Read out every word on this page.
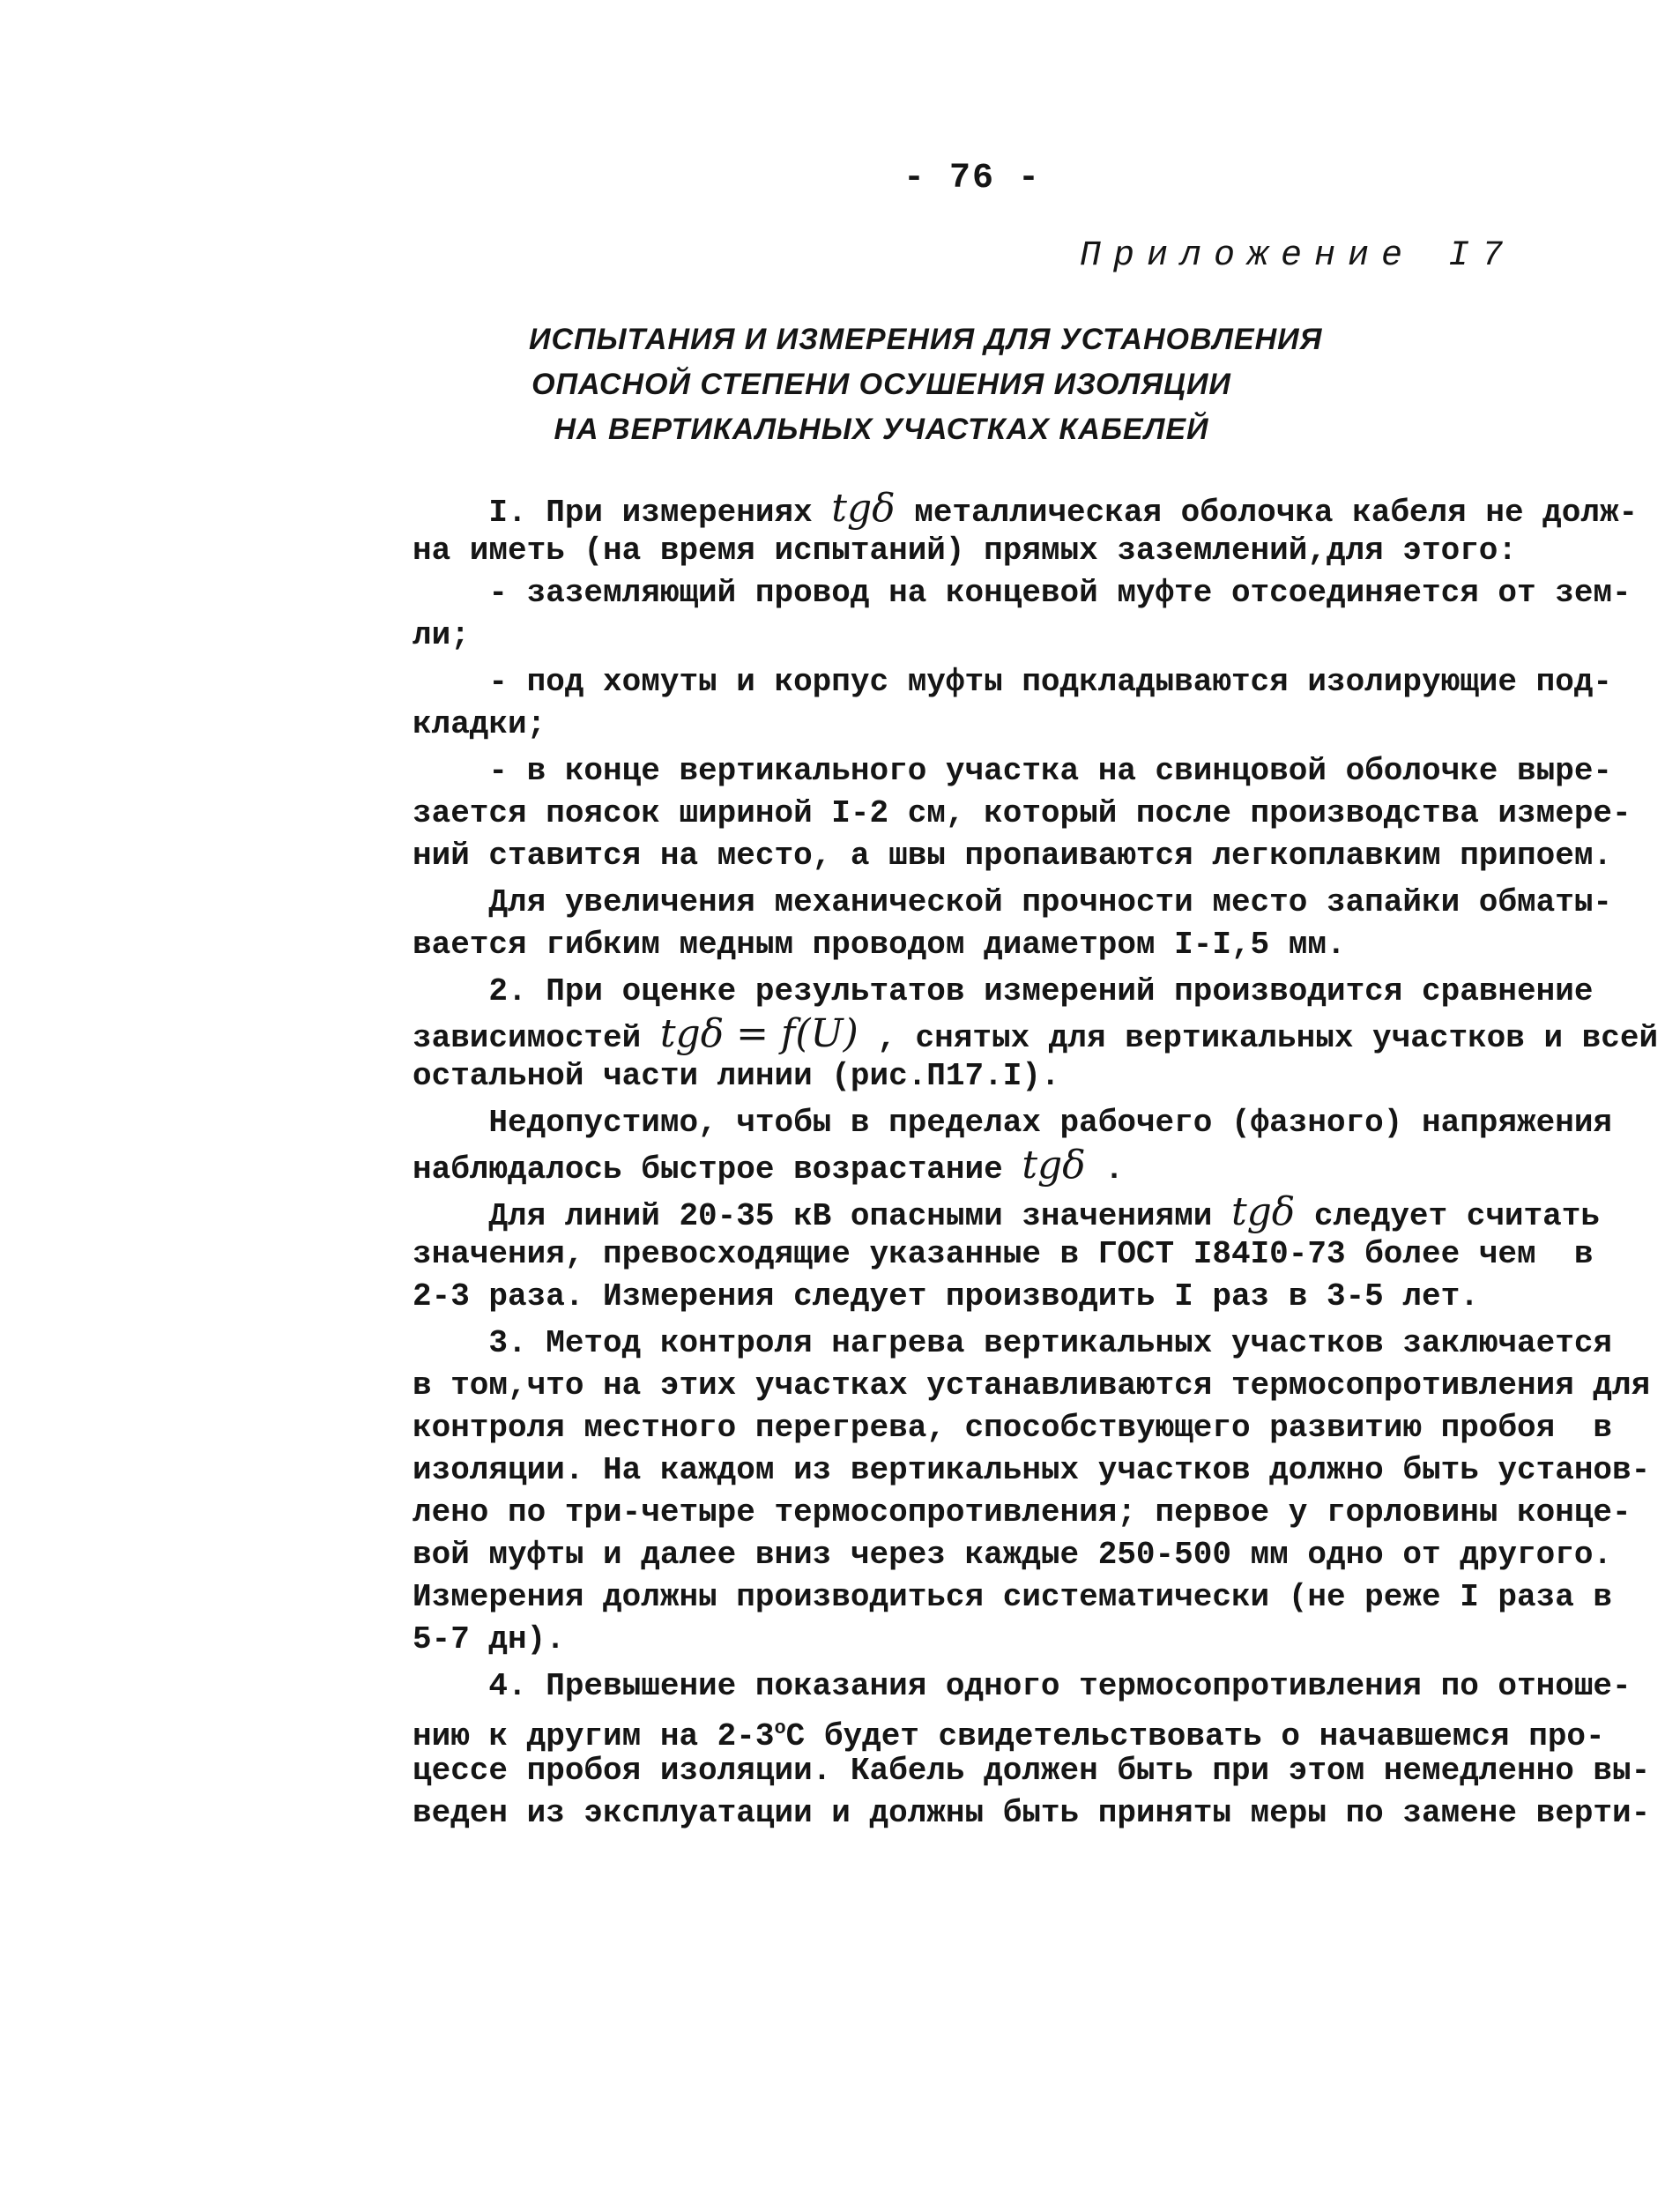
- 76 -
Приложение I7
ИСПЫТАНИЯ И ИЗМЕРЕНИЯ ДЛЯ УСТАНОВЛЕНИЯ
ОПАСНОЙ СТЕПЕНИ ОСУШЕНИЯ ИЗОЛЯЦИИ
НА ВЕРТИКАЛЬНЫХ УЧАСТКАХ КАБЕЛЕЙ
I. При измерениях tgδ металлическая оболочка кабеля не долж-
на иметь (на время испытаний) прямых заземлений,для этого:
- заземляющий провод на концевой муфте отсоединяется от зем-
ли;
- под хомуты и корпус муфты подкладываются изолирующие под-
кладки;
- в конце вертикального участка на свинцовой оболочке выре-
зается поясок шириной I-2 см, который после производства измере-
ний ставится на место, а швы пропаиваются легкоплавким припоем.
Для увеличения механической прочности место запайки обматы-
вается гибким медным проводом диаметром I-I,5 мм.
2. При оценке результатов измерений производится сравнение
зависимостей tgδ = f(U) , снятых для вертикальных участков и всей
остальной части линии (рис.П17.I).
Недопустимо, чтобы в пределах рабочего (фазного) напряжения
наблюдалось быстрое возрастание tgδ .
Для линий 20-35 кВ опасными значениями tgδ следует считать
значения, превосходящие указанные в ГОСТ I84I0-73 более чем  в
2-3 раза. Измерения следует производить I раз в 3-5 лет.
3. Метод контроля нагрева вертикальных участков заключается
в том,что на этих участках устанавливаются термосопротивления для
контроля местного перегрева, способствующего развитию пробоя  в
изоляции. На каждом из вертикальных участков должно быть установ-
лено по три-четыре термосопротивления; первое у горловины конце-
вой муфты и далее вниз через каждые 250-500 мм одно от другого.
Измерения должны производиться систематически (не реже I раза в
5-7 дн).
4. Превышение показания одного термосопротивления по отноше-
нию к другим на $2-3^оС$ будет свидетельствовать о начавшемся про-
цессе пробоя изоляции. Кабель должен быть при этом немедленно вы-
веден из эксплуатации и должны быть приняты меры по замене верти-
